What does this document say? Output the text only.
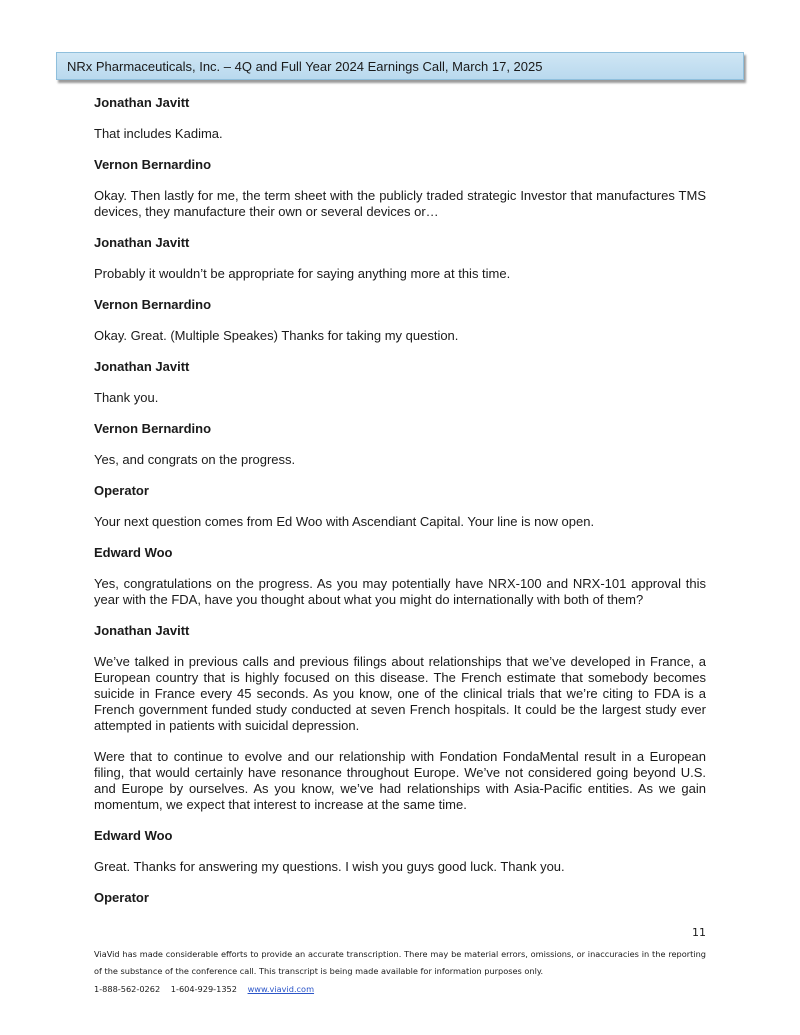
NRx Pharmaceuticals, Inc. – 4Q and Full Year 2024 Earnings Call, March 17, 2025
Jonathan Javitt
That includes Kadima.
Vernon Bernardino
Okay. Then lastly for me, the term sheet with the publicly traded strategic Investor that manufactures TMS devices, they manufacture their own or several devices or…
Jonathan Javitt
Probably it wouldn’t be appropriate for saying anything more at this time.
Vernon Bernardino
Okay. Great. (Multiple Speakes) Thanks for taking my question.
Jonathan Javitt
Thank you.
Vernon Bernardino
Yes, and congrats on the progress.
Operator
Your next question comes from Ed Woo with Ascendiant Capital. Your line is now open.
Edward Woo
Yes, congratulations on the progress. As you may potentially have NRX-100 and NRX-101 approval this year with the FDA, have you thought about what you might do internationally with both of them?
Jonathan Javitt
We’ve talked in previous calls and previous filings about relationships that we’ve developed in France, a European country that is highly focused on this disease. The French estimate that somebody becomes suicide in France every 45 seconds. As you know, one of the clinical trials that we’re citing to FDA is a French government funded study conducted at seven French hospitals. It could be the largest study ever attempted in patients with suicidal depression.
Were that to continue to evolve and our relationship with Fondation FondaMental result in a European filing, that would certainly have resonance throughout Europe. We’ve not considered going beyond U.S. and Europe by ourselves. As you know, we’ve had relationships with Asia-Pacific entities. As we gain momentum, we expect that interest to increase at the same time.
Edward Woo
Great. Thanks for answering my questions. I wish you guys good luck. Thank you.
Operator
11
ViaVid has made considerable efforts to provide an accurate transcription. There may be material errors, omissions, or inaccuracies in the reporting of the substance of the conference call. This transcript is being made available for information purposes only.
1-888-562-0262 1-604-929-1352 www.viavid.com
